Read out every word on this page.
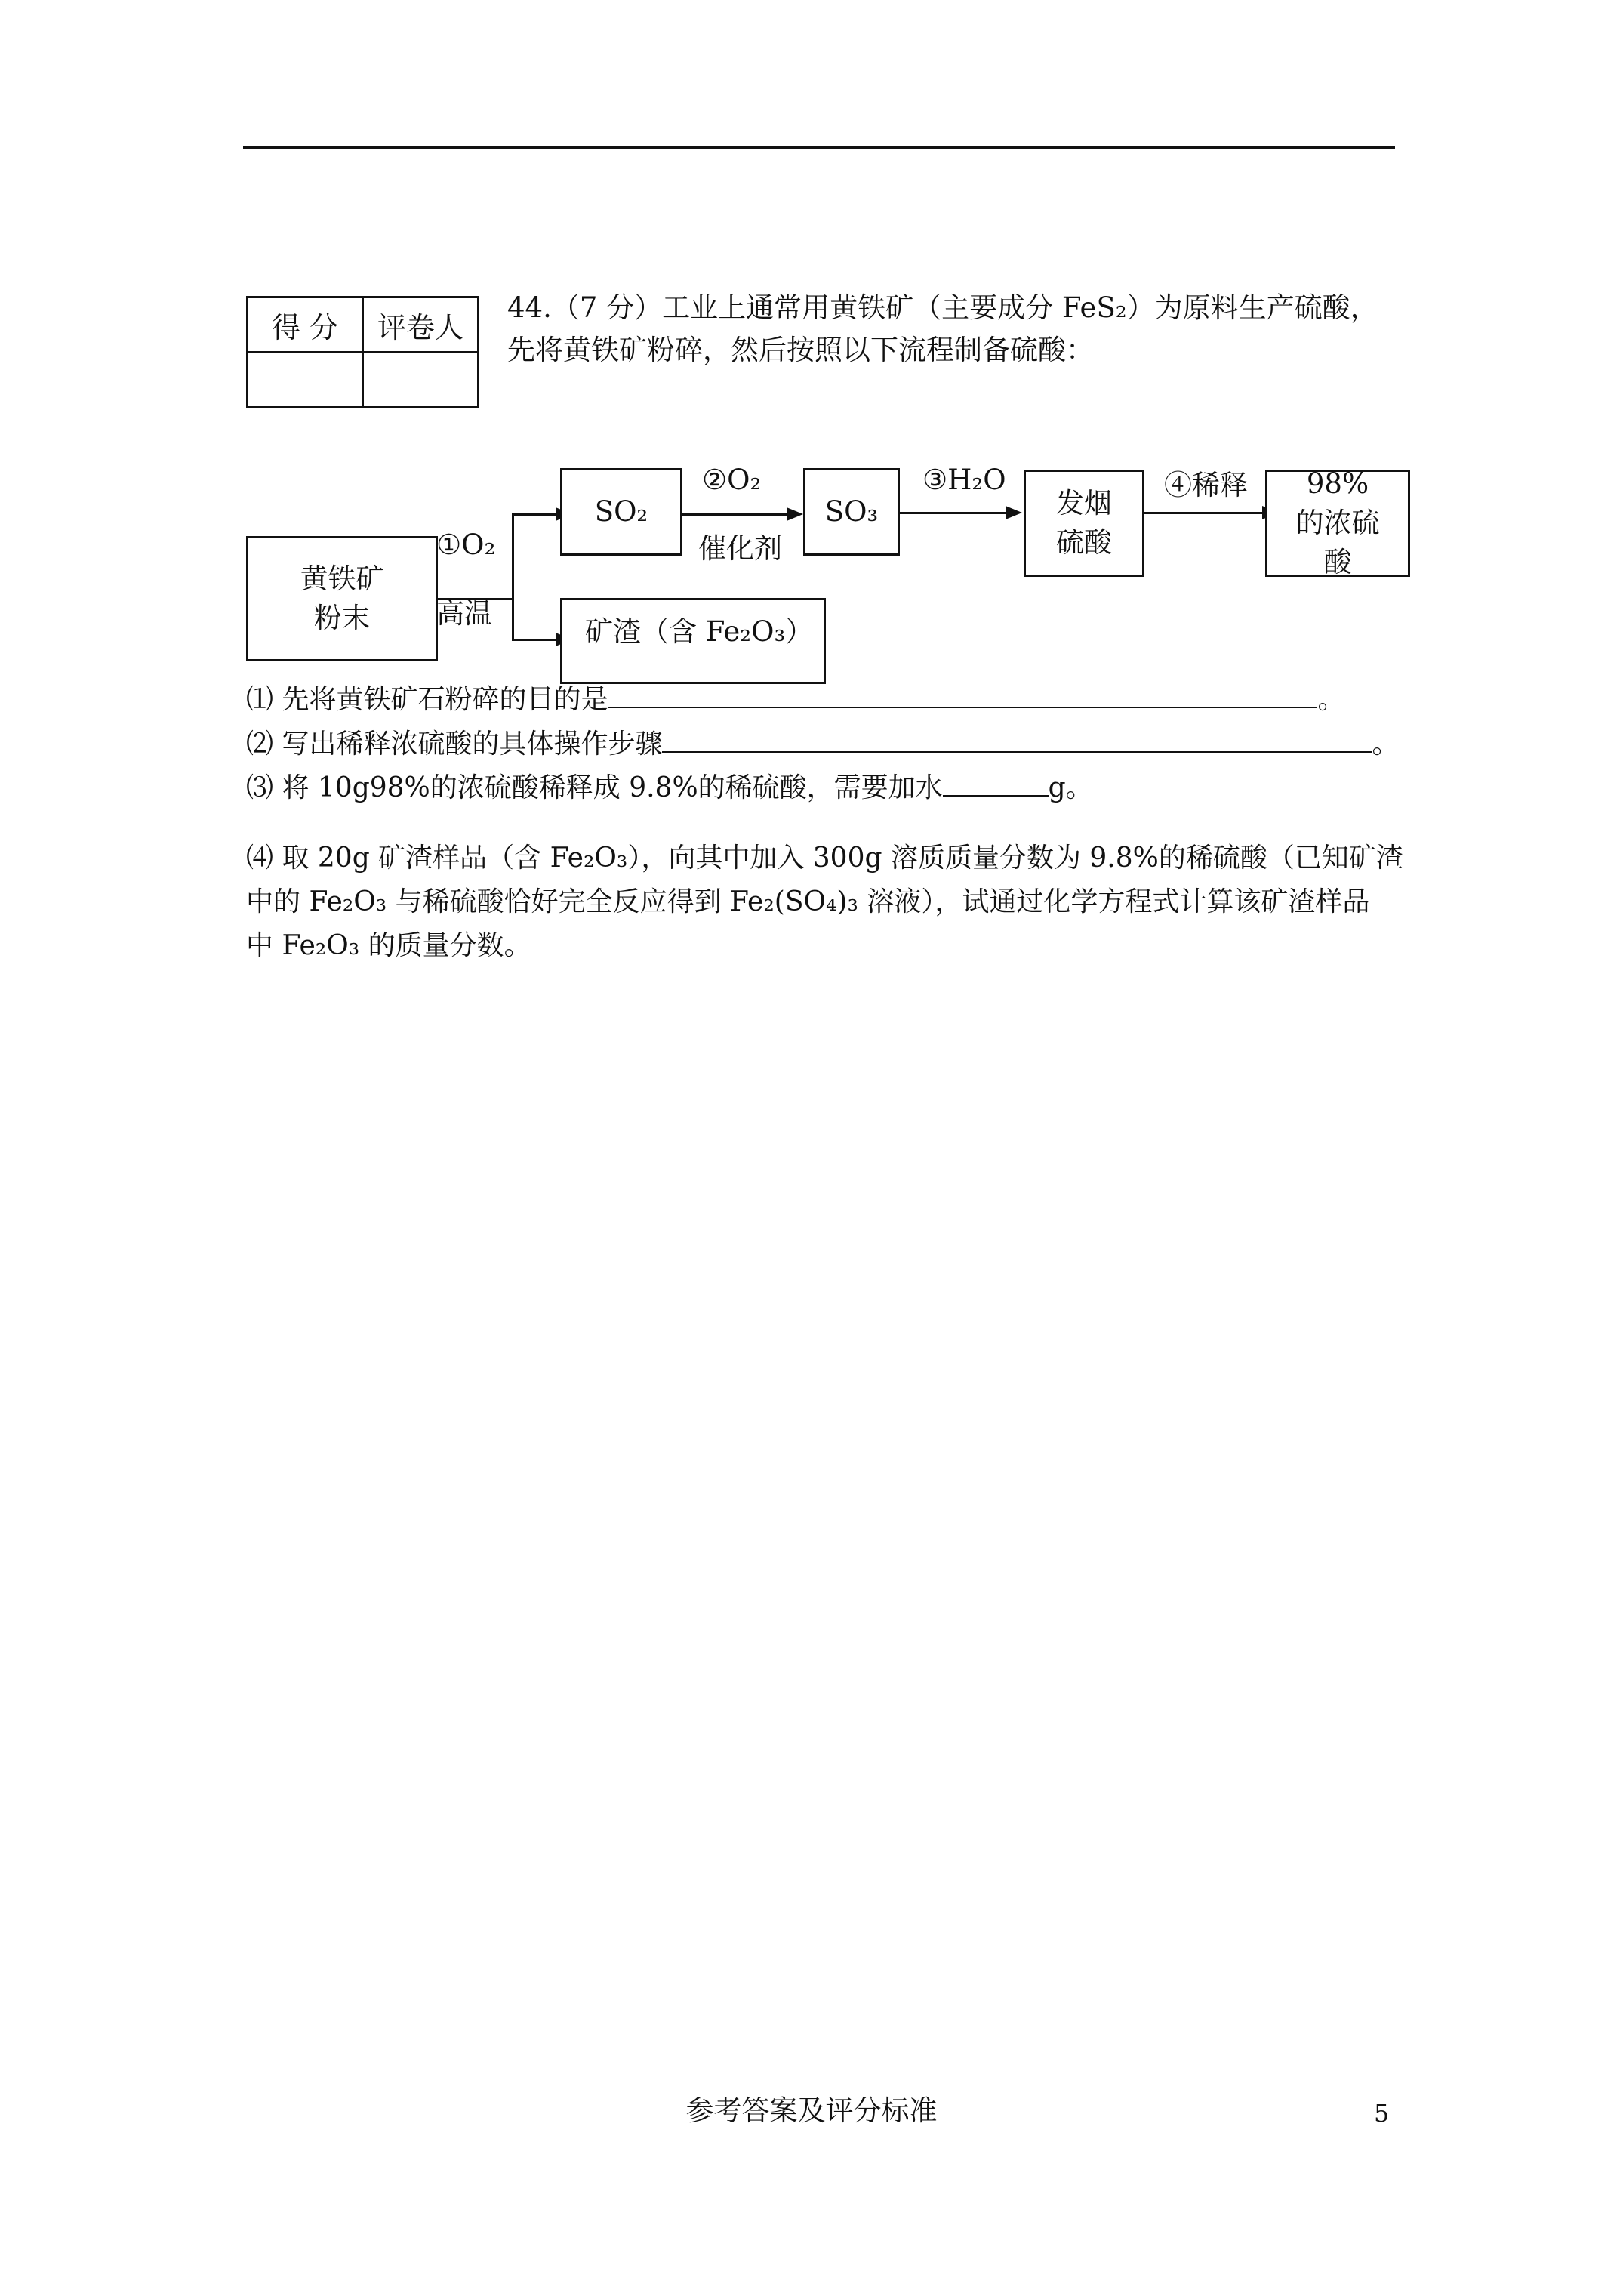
得 分	评卷人

44.（7 分）工业上通常用黄铁矿（主要成分 FeS₂）为原料生产硫酸，
先将黄铁矿粉碎，然后按照以下流程制备硫酸：
黄铁矿粉末
①O₂
高温
SO₂
②O₂
催化剂
SO₃
③H₂O
发烟硫酸
④稀释	98%的浓硫酸
矿渣（含 Fe₂O₃）
⑴ 先将黄铁矿石粉碎的目的是	。
⑵ 写出稀释浓硫酸的具体操作步骤	。
⑶ 将 10g98%的浓硫酸稀释成 9.8%的稀硫酸，需要加水	g。
⑷ 取 20g 矿渣样品（含 Fe₂O₃），向其中加入 300g 溶质质量分数为 9.8%的稀硫酸（已知矿渣
中的 Fe₂O₃ 与稀硫酸恰好完全反应得到 Fe₂(SO₄)₃ 溶液），试通过化学方程式计算该矿渣样品
中 Fe₂O₃ 的质量分数。
参考答案及评分标准	5
